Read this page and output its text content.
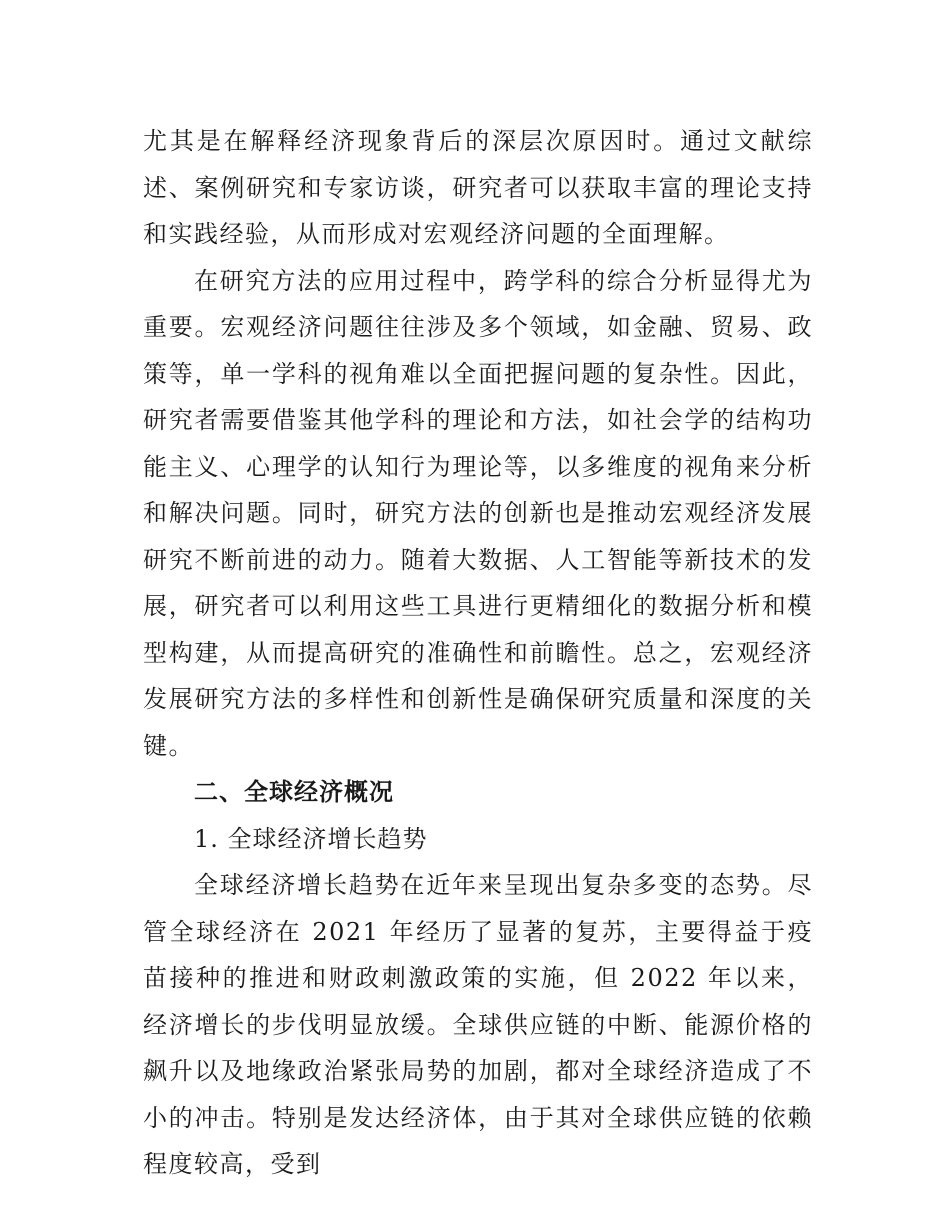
尤其是在解释经济现象背后的深层次原因时。通过文献综述、案例研究和专家访谈，研究者可以获取丰富的理论支持和实践经验，从而形成对宏观经济问题的全面理解。

在研究方法的应用过程中，跨学科的综合分析显得尤为重要。宏观经济问题往往涉及多个领域，如金融、贸易、政策等，单一学科的视角难以全面把握问题的复杂性。因此，研究者需要借鉴其他学科的理论和方法，如社会学的结构功能主义、心理学的认知行为理论等，以多维度的视角来分析和解决问题。同时，研究方法的创新也是推动宏观经济发展研究不断前进的动力。随着大数据、人工智能等新技术的发展，研究者可以利用这些工具进行更精细化的数据分析和模型构建，从而提高研究的准确性和前瞻性。总之，宏观经济发展研究方法的多样性和创新性是确保研究质量和深度的关键。

二、全球经济概况

1. 全球经济增长趋势

全球经济增长趋势在近年来呈现出复杂多变的态势。尽管全球经济在 2021 年经历了显著的复苏，主要得益于疫苗接种的推进和财政刺激政策的实施，但 2022 年以来，经济增长的步伐明显放缓。全球供应链的中断、能源价格的飙升以及地缘政治紧张局势的加剧，都对全球经济造成了不小的冲击。特别是发达经济体，由于其对全球供应链的依赖程度较高，受到
